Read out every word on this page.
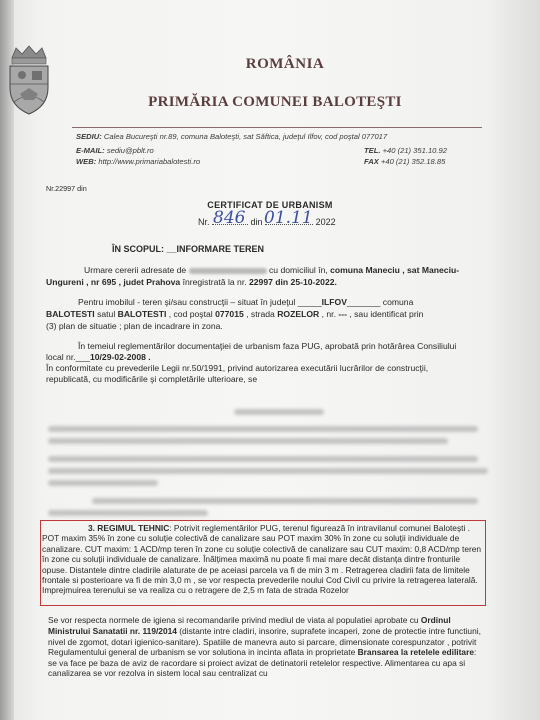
ROMÂNIA

PRIMĂRIA COMUNEI BALOTEŞTI

SEDIU: Calea Bucureşti nr.89, comuna Baloteşti, sat Săftica, judeţul Ilfov, cod poştal 077017

E-MAIL: sediu@pblt.ro

WEB: http://www.primariabalotesti.ro

TEL. +40 (21) 351.10.92

FAX +40 (21) 352.18.85

Nr.22997 din

CERTIFICAT DE URBANISM

Nr.	din	2022

846 01.11

ÎN SCOPUL: __INFORMARE TEREN

Urmare cererii adresate de	cu domiciliul în, comuna Maneciu , sat Maneciu-

Ungureni , nr 695 , judet Prahova înregistrată la nr. 22997 din 25-10-2022.

Pentru imobilul - teren şi/sau construcţii – situat în judeţul _____ILFOV_______ comuna

BALOTESTI satul BALOTESTI , cod poştal 077015 , strada ROZELOR , nr. --- , sau identificat prin

(3) plan de situatie ; plan de incadrare in zona.

În temeiul reglementărilor documentaţiei de urbanism faza PUG, aprobată prin hotărârea Consiliului

local nr.___10/29-02-2008 .

În conformitate cu prevederile Legii nr.50/1991, privind autorizarea executării lucrărilor de construcţii,

republicată, cu modificările şi completările ulterioare, se

3. REGIMUL TEHNIC: Potrivit reglementărilor PUG, terenul figurează în intravilanul comunei Balotești . POT maxim 35% în zone cu soluție colectivă de canalizare sau POT maxim 30% în zone cu soluții individuale de canalizare. CUT maxim: 1 ACD/mp teren în zone cu soluție colectivă de canalizare sau CUT maxim: 0,8 ACD/mp teren în zone cu soluții individuale de canalizare. Înălțimea maximă nu poate fi mai mare decât distanța dintre fronturile opuse. Distantele dintre cladirile alaturate de pe aceiasi parcela va fi de min 3 m . Retragerea cladirii fata de limitele frontale si posterioare va fi de min 3,0 m , se vor respecta prevederile noului Cod Civil cu privire la retragerea laterală. Imprejmuirea terenului se va realiza cu o retragere de 2,5 m fata de strada Rozelor

Se vor respecta normele de igiena si recomandarile privind mediul de viata al populatiei aprobate cu Ordinul Ministrului Sanatatii nr. 119/2014 (distante intre cladiri, insorire, suprafete incaperi, zone de protectie intre functiuni, nivel de zgomot, dotari igienico-sanitare). Spatiile de manevra auto si parcare, dimensionate corespunzator , potrivit Regulamentului general de urbanism se vor solutiona in incinta aflata in proprietate Bransarea la retelele edilitare: se va face pe baza de aviz de racordare si proiect avizat de detinatorii retelelor respective. Alimentarea cu apa si canalizarea se vor rezolva in sistem local sau centralizat cu
